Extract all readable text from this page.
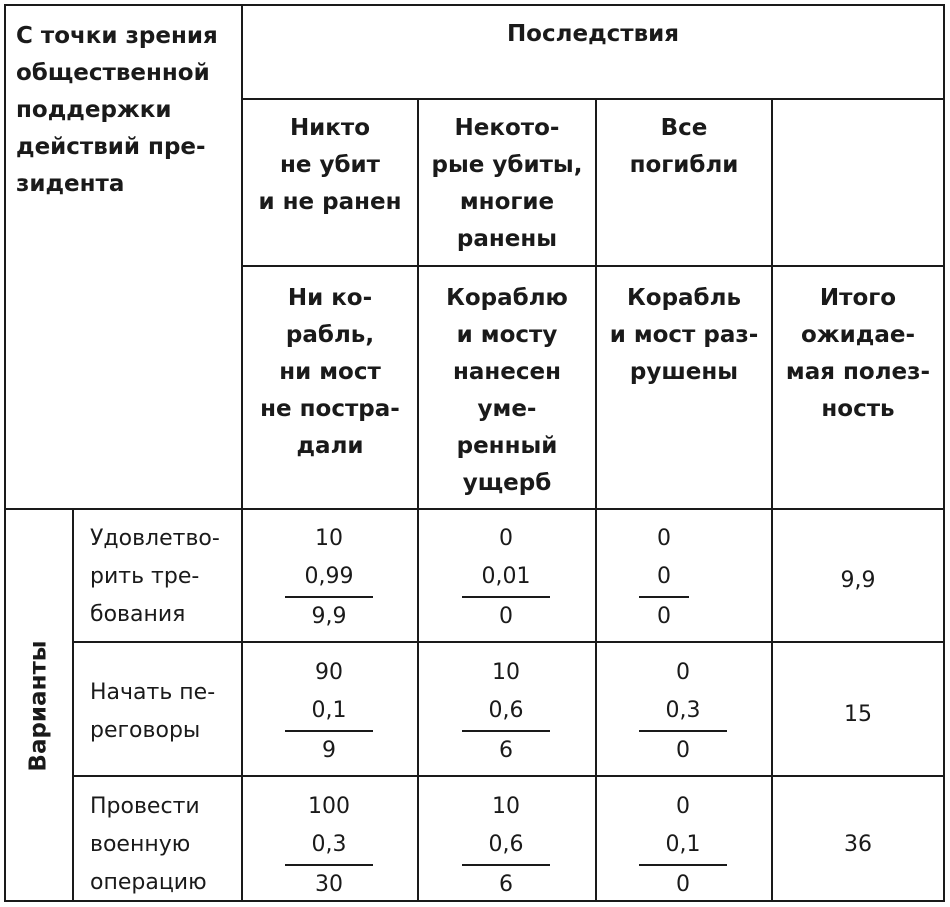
С точки зрения
общественной
поддержки
действий пре-
зидента
Последствия
Никто
не убит
и не ранен
Некото-
рые убиты,
многие
ранены
Все
погибли
Ни ко-
рабль,
ни мост
не постра-
дали
Кораблю
и мосту
нанесен
уме-
ренный
ущерб
Корабль
и мост раз-
рушены
Итого
ожидае-
мая полез-
ность
Варианты
Удовлетво-
рить тре-
бования
10
0,99
9,9
0
0,01
0
0
0
0
9,9
Начать пе-
реговоры
90
0,1
9
10
0,6
6
0
0,3
0
15
Провести
военную
операцию
100
0,3
30
10
0,6
6
0
0,1
0
36
